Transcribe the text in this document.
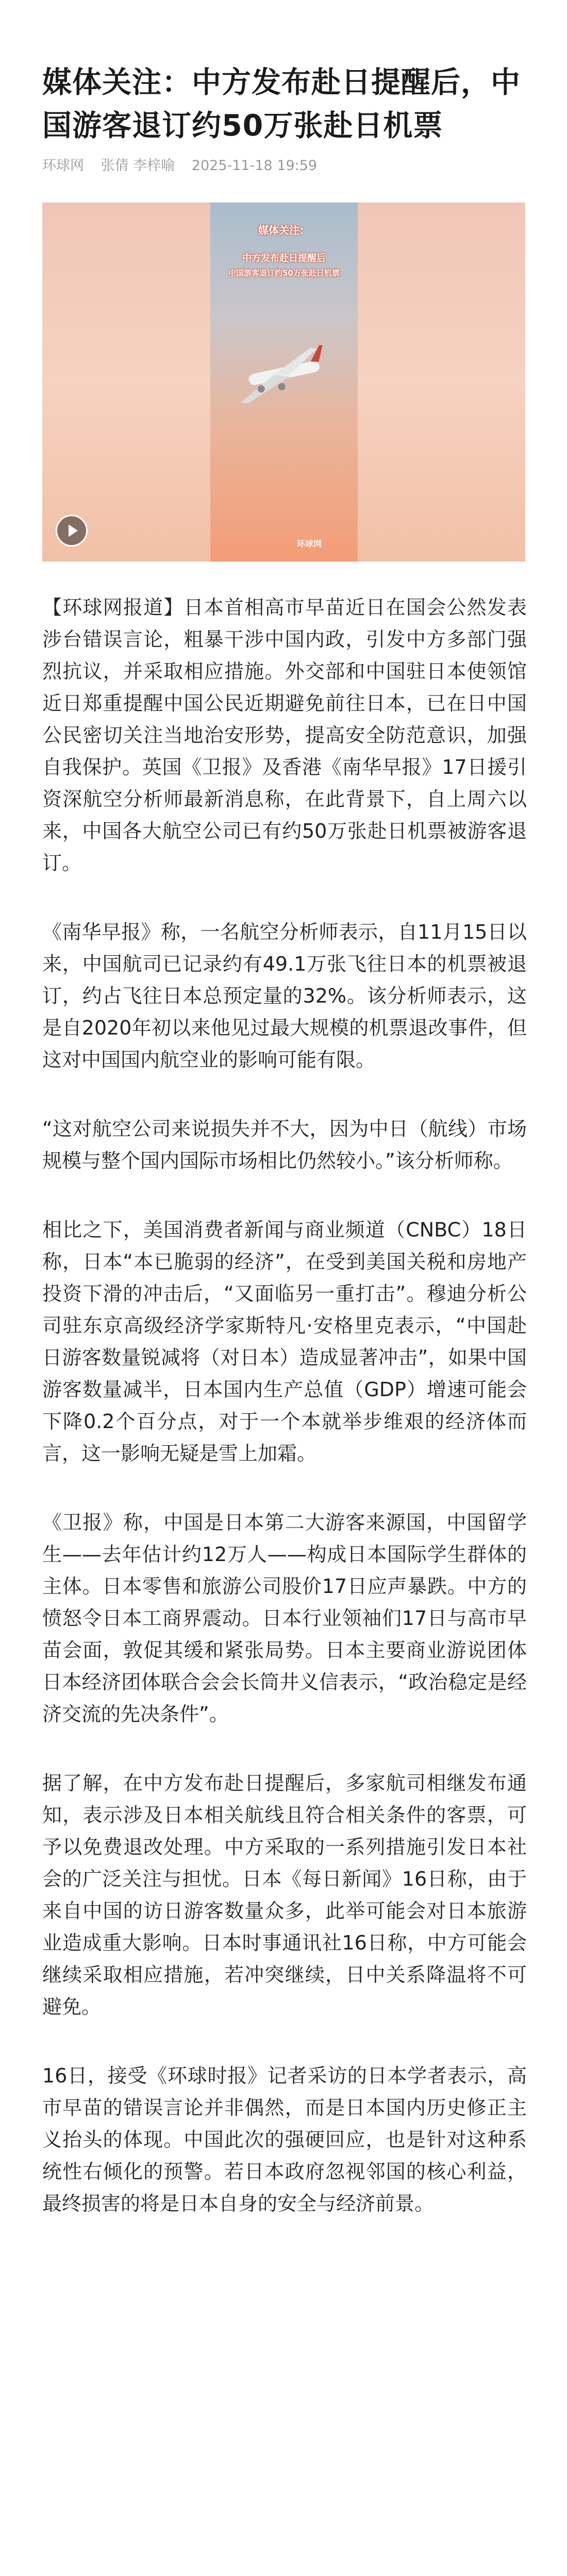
媒体关注：中方发布赴日提醒后，中国游客退订约50万张赴日机票
环球网 张倩 李梓喻 2025-11-18 19:59
媒体关注：
中方发布赴日提醒后
中国游客退订约50万张赴日机票
环球网

【环球网报道】日本首相高市早苗近日在国会公然发表涉台错误言论，粗暴干涉中国内政，引发中方多部门强烈抗议，并采取相应措施。外交部和中国驻日本使领馆近日郑重提醒中国公民近期避免前往日本，已在日中国公民密切关注当地治安形势，提高安全防范意识，加强自我保护。英国《卫报》及香港《南华早报》17日援引资深航空分析师最新消息称，在此背景下，自上周六以来，中国各大航空公司已有约50万张赴日机票被游客退订。

《南华早报》称，一名航空分析师表示，自11月15日以来，中国航司已记录约有49.1万张飞往日本的机票被退订，约占飞往日本总预定量的32%。该分析师表示，这是自2020年初以来他见过最大规模的机票退改事件，但这对中国国内航空业的影响可能有限。

“这对航空公司来说损失并不大，因为中日（航线）市场规模与整个国内国际市场相比仍然较小。”该分析师称。

相比之下，美国消费者新闻与商业频道（CNBC）18日称，日本“本已脆弱的经济”，在受到美国关税和房地产投资下滑的冲击后，“又面临另一重打击”。穆迪分析公司驻东京高级经济学家斯特凡·安格里克表示，“中国赴日游客数量锐减将（对日本）造成显著冲击”，如果中国游客数量减半，日本国内生产总值（GDP）增速可能会下降0.2个百分点，对于一个本就举步维艰的经济体而言，这一影响无疑是雪上加霜。

《卫报》称，中国是日本第二大游客来源国，中国留学生——去年估计约12万人——构成日本国际学生群体的主体。日本零售和旅游公司股价17日应声暴跌。中方的愤怒令日本工商界震动。日本行业领袖们17日与高市早苗会面，敦促其缓和紧张局势。日本主要商业游说团体日本经济团体联合会会长筒井义信表示，“政治稳定是经济交流的先决条件”。

据了解，在中方发布赴日提醒后，多家航司相继发布通知，表示涉及日本相关航线且符合相关条件的客票，可予以免费退改处理。中方采取的一系列措施引发日本社会的广泛关注与担忧。日本《每日新闻》16日称，由于来自中国的访日游客数量众多，此举可能会对日本旅游业造成重大影响。日本时事通讯社16日称，中方可能会继续采取相应措施，若冲突继续，日中关系降温将不可避免。

16日，接受《环球时报》记者采访的日本学者表示，高市早苗的错误言论并非偶然，而是日本国内历史修正主义抬头的体现。中国此次的强硬回应，也是针对这种系统性右倾化的预警。若日本政府忽视邻国的核心利益，最终损害的将是日本自身的安全与经济前景。
